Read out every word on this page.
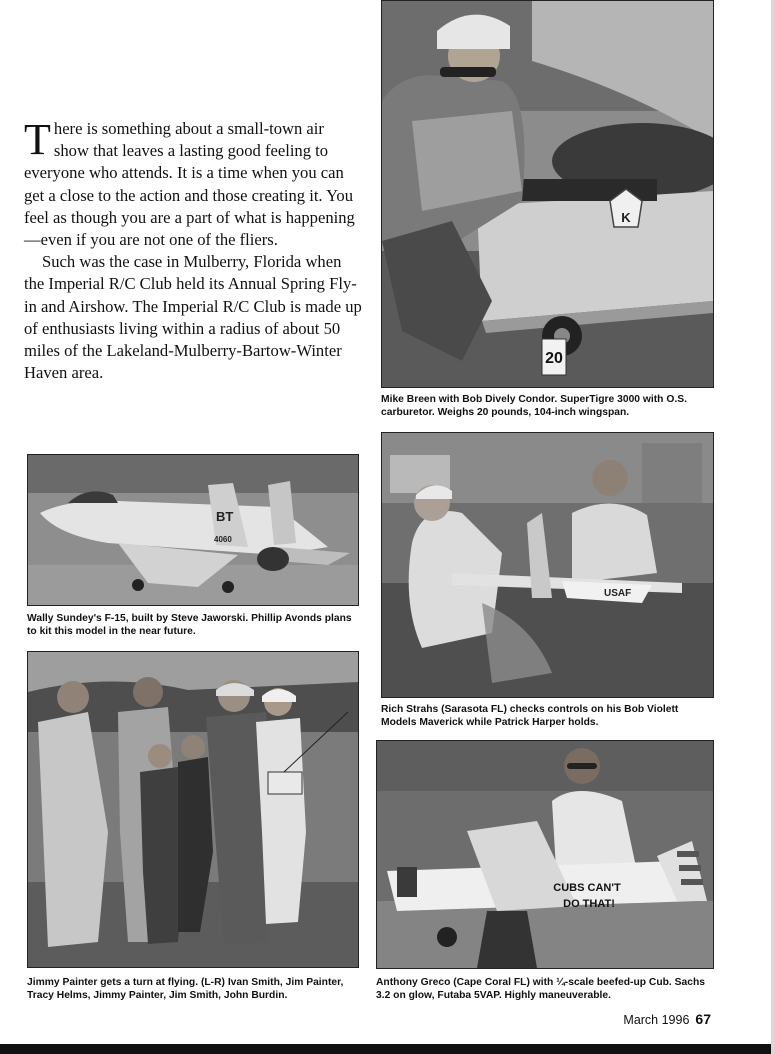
There is something about a small-town air show that leaves a lasting good feeling to everyone who attends. It is a time when you can get a close to the action and those creating it. You feel as though you are a part of what is happening—even if you are not one of the fliers.

Such was the case in Mulberry, Florida when the Imperial R/C Club held its Annual Spring Fly-in and Airshow. The Imperial R/C Club is made up of enthusiasts living within a radius of about 50 miles of the Lakeland-Mulberry-Bartow-Winter Haven area.

K
20
Mike Breen with Bob Dively Condor. SuperTigre 3000 with O.S. carburetor. Weighs 20 pounds, 104-inch wingspan.
BT
4060
Wally Sundey's F-15, built by Steve Jaworski. Phillip Avonds plans to kit this model in the near future.
USAF
Rich Strahs (Sarasota FL) checks controls on his Bob Violett Models Maverick while Patrick Harper holds.
Jimmy Painter gets a turn at flying. (L-R) Ivan Smith, Jim Painter, Tracy Helms, Jimmy Painter, Jim Smith, John Burdin.
CUBS CAN'T
DO THAT!
Anthony Greco (Cape Coral FL) with ¼-scale beefed-up Cub. Sachs 3.2 on glow, Futaba 5VAP. Highly maneuverable.
March 1996 67
